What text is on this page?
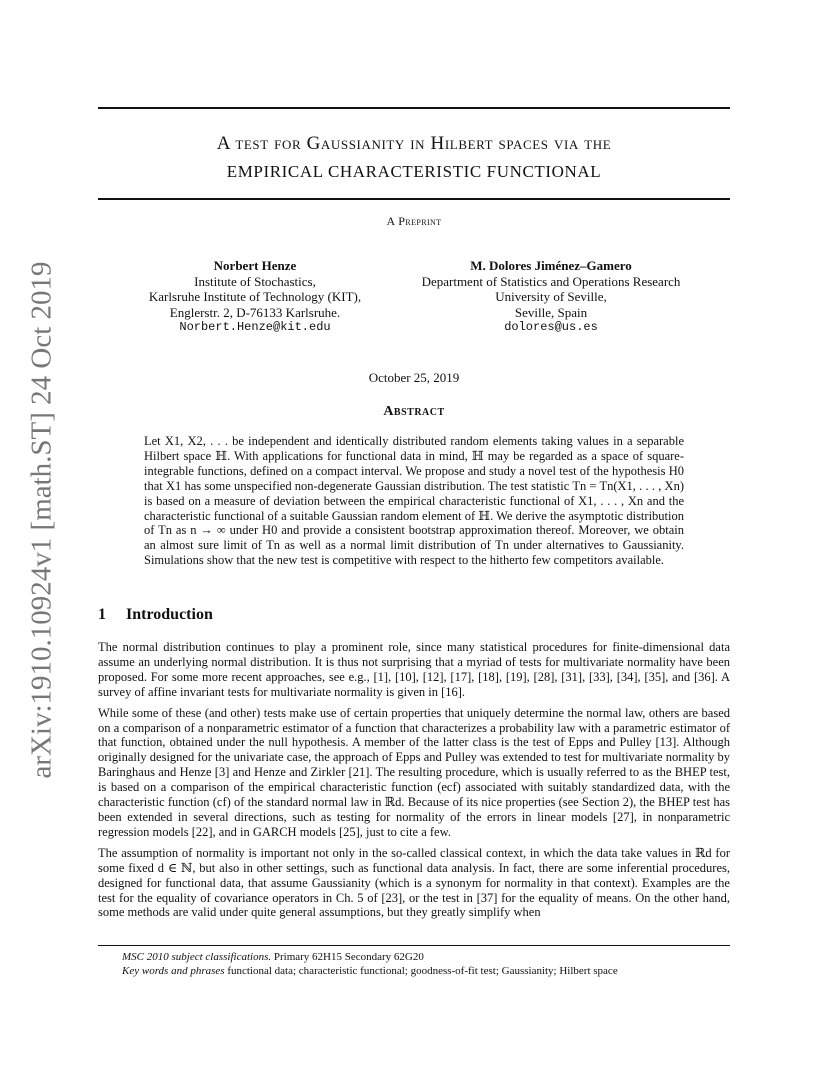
arXiv:1910.10924v1 [math.ST] 24 Oct 2019
A test for Gaussianity in Hilbert spaces via the
EMPIRICAL CHARACTERISTIC FUNCTIONAL
A Preprint
Norbert Henze
Institute of Stochastics,
Karlsruhe Institute of Technology (KIT),
Englerstr. 2, D-76133 Karlsruhe.
Norbert.Henze@kit.edu
M. Dolores Jiménez–Gamero
Department of Statistics and Operations Research
University of Seville,
Seville, Spain
dolores@us.es
October 25, 2019
Abstract
Let X1, X2, . . . be independent and identically distributed random elements taking values in a separable Hilbert space ℍ. With applications for functional data in mind, ℍ may be regarded as a space of square-integrable functions, defined on a compact interval. We propose and study a novel test of the hypothesis H0 that X1 has some unspecified non-degenerate Gaussian distribution. The test statistic Tn = Tn(X1, . . . , Xn) is based on a measure of deviation between the empirical characteristic functional of X1, . . . , Xn and the characteristic functional of a suitable Gaussian random element of ℍ. We derive the asymptotic distribution of Tn as n → ∞ under H0 and provide a consistent bootstrap approximation thereof. Moreover, we obtain an almost sure limit of Tn as well as a normal limit distribution of Tn under alternatives to Gaussianity. Simulations show that the new test is competitive with respect to the hitherto few competitors available.
1 Introduction

The normal distribution continues to play a prominent role, since many statistical procedures for finite-dimensional data assume an underlying normal distribution. It is thus not surprising that a myriad of tests for multivariate normality have been proposed. For some more recent approaches, see e.g., [1], [10], [12], [17], [18], [19], [28], [31], [33], [34], [35], and [36]. A survey of affine invariant tests for multivariate normality is given in [16].

While some of these (and other) tests make use of certain properties that uniquely determine the normal law, others are based on a comparison of a nonparametric estimator of a function that characterizes a probability law with a parametric estimator of that function, obtained under the null hypothesis. A member of the latter class is the test of Epps and Pulley [13]. Although originally designed for the univariate case, the approach of Epps and Pulley was extended to test for multivariate normality by Baringhaus and Henze [3] and Henze and Zirkler [21]. The resulting procedure, which is usually referred to as the BHEP test, is based on a comparison of the empirical characteristic function (ecf) associated with suitably standardized data, with the characteristic function (cf) of the standard normal law in ℝd. Because of its nice properties (see Section 2), the BHEP test has been extended in several directions, such as testing for normality of the errors in linear models [27], in nonparametric regression models [22], and in GARCH models [25], just to cite a few.

The assumption of normality is important not only in the so-called classical context, in which the data take values in ℝd for some fixed d ∈ ℕ, but also in other settings, such as functional data analysis. In fact, there are some inferential procedures, designed for functional data, that assume Gaussianity (which is a synonym for normality in that context). Examples are the test for the equality of covariance operators in Ch. 5 of [23], or the test in [37] for the equality of means. On the other hand, some methods are valid under quite general assumptions, but they greatly simplify when

MSC 2010 subject classifications. Primary 62H15 Secondary 62G20
Key words and phrases functional data; characteristic functional; goodness-of-fit test; Gaussianity; Hilbert space
